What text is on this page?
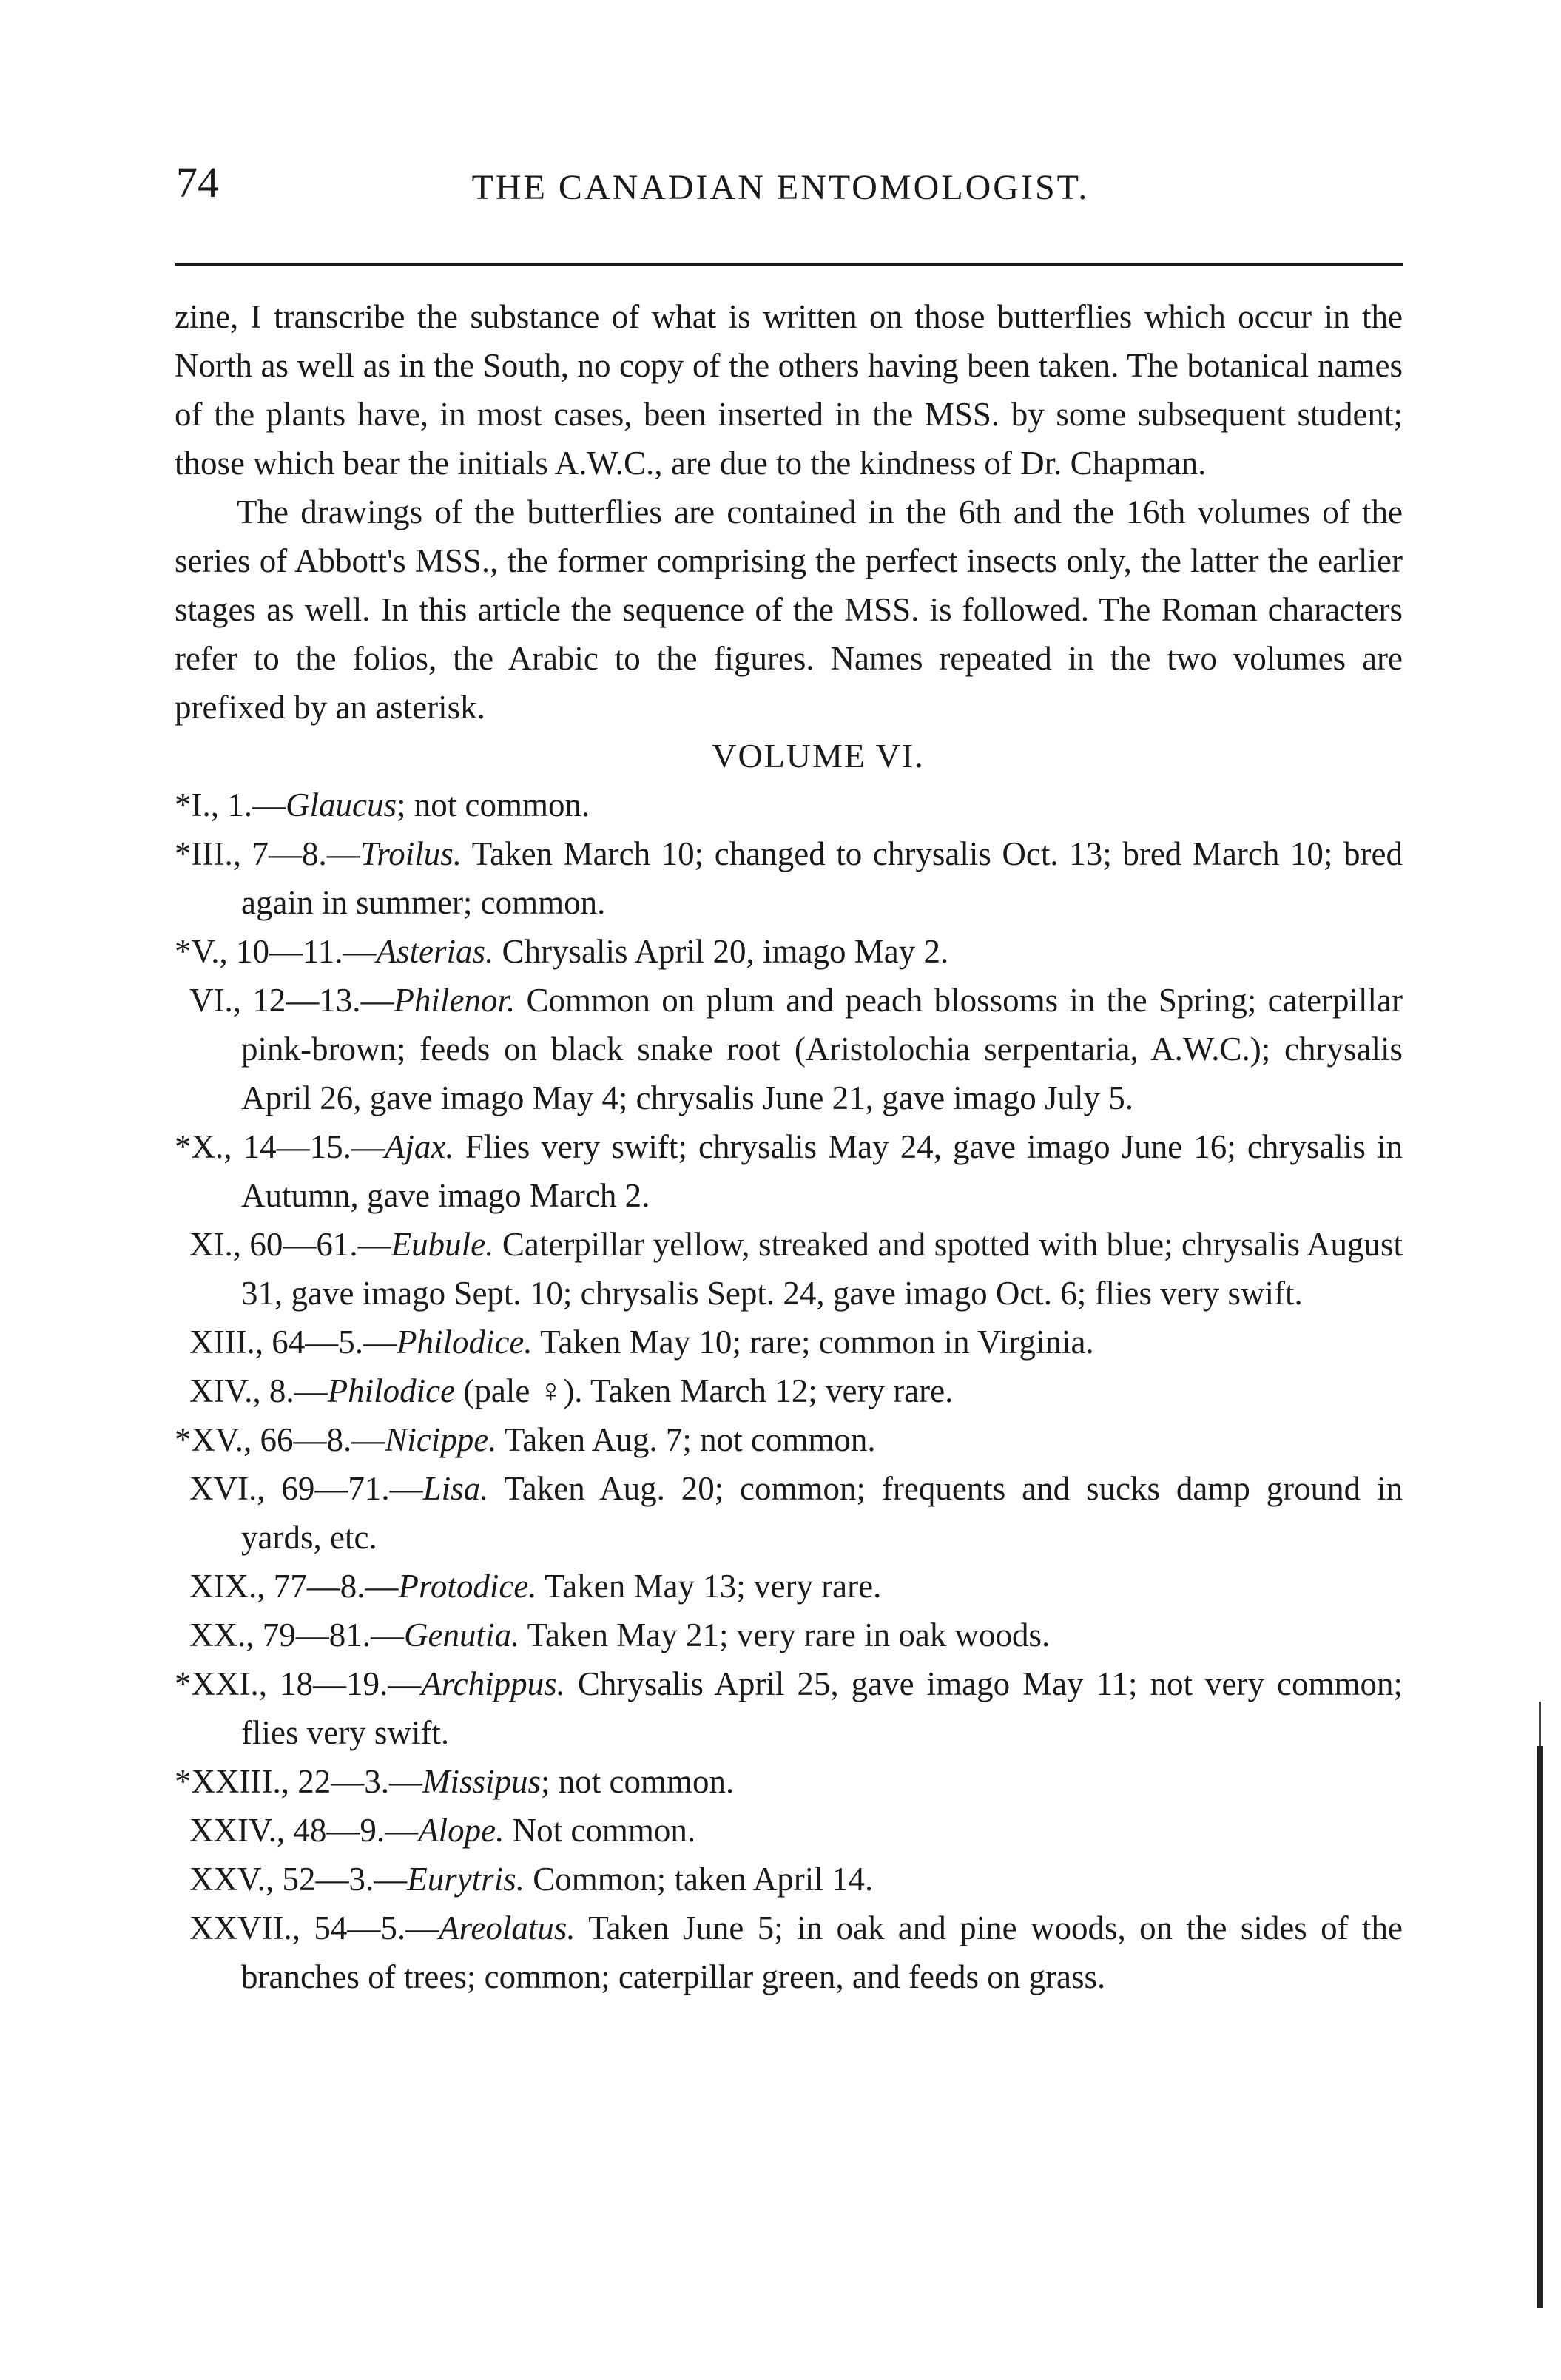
74	THE CANADIAN ENTOMOLOGIST.

zine, I transcribe the substance of what is written on those butterflies which occur in the North as well as in the South, no copy of the others having been taken. The botanical names of the plants have, in most cases, been inserted in the MSS. by some subsequent student; those which bear the initials A.W.C., are due to the kindness of Dr. Chapman.

The drawings of the butterflies are contained in the 6th and the 16th volumes of the series of Abbott's MSS., the former comprising the perfect insects only, the latter the earlier stages as well. In this article the sequence of the MSS. is followed. The Roman characters refer to the folios, the Arabic to the figures. Names repeated in the two volumes are prefixed by an asterisk.

VOLUME VI.

*I., 1.—Glaucus; not common.

*III., 7—8.—Troilus. Taken March 10; changed to chrysalis Oct. 13; bred March 10; bred again in summer; common.

*V., 10—11.—Asterias. Chrysalis April 20, imago May 2.

VI., 12—13.—Philenor. Common on plum and peach blossoms in the Spring; caterpillar pink-brown; feeds on black snake root (Aristolochia serpentaria, A.W.C.); chrysalis April 26, gave imago May 4; chrysalis June 21, gave imago July 5.

*X., 14—15.—Ajax. Flies very swift; chrysalis May 24, gave imago June 16; chrysalis in Autumn, gave imago March 2.

XI., 60—61.—Eubule. Caterpillar yellow, streaked and spotted with blue; chrysalis August 31, gave imago Sept. 10; chrysalis Sept. 24, gave imago Oct. 6; flies very swift.

XIII., 64—5.—Philodice. Taken May 10; rare; common in Virginia.

XIV., 8.—Philodice (pale ♀). Taken March 12; very rare.

*XV., 66—8.—Nicippe. Taken Aug. 7; not common.

XVI., 69—71.—Lisa. Taken Aug. 20; common; frequents and sucks damp ground in yards, etc.

XIX., 77—8.—Protodice. Taken May 13; very rare.

XX., 79—81.—Genutia. Taken May 21; very rare in oak woods.

*XXI., 18—19.—Archippus. Chrysalis April 25, gave imago May 11; not very common; flies very swift.

*XXIII., 22—3.—Missipus; not common.

XXIV., 48—9.—Alope. Not common.

XXV., 52—3.—Eurytris. Common; taken April 14.

XXVII., 54—5.—Areolatus. Taken June 5; in oak and pine woods, on the sides of the branches of trees; common; caterpillar green, and feeds on grass.
